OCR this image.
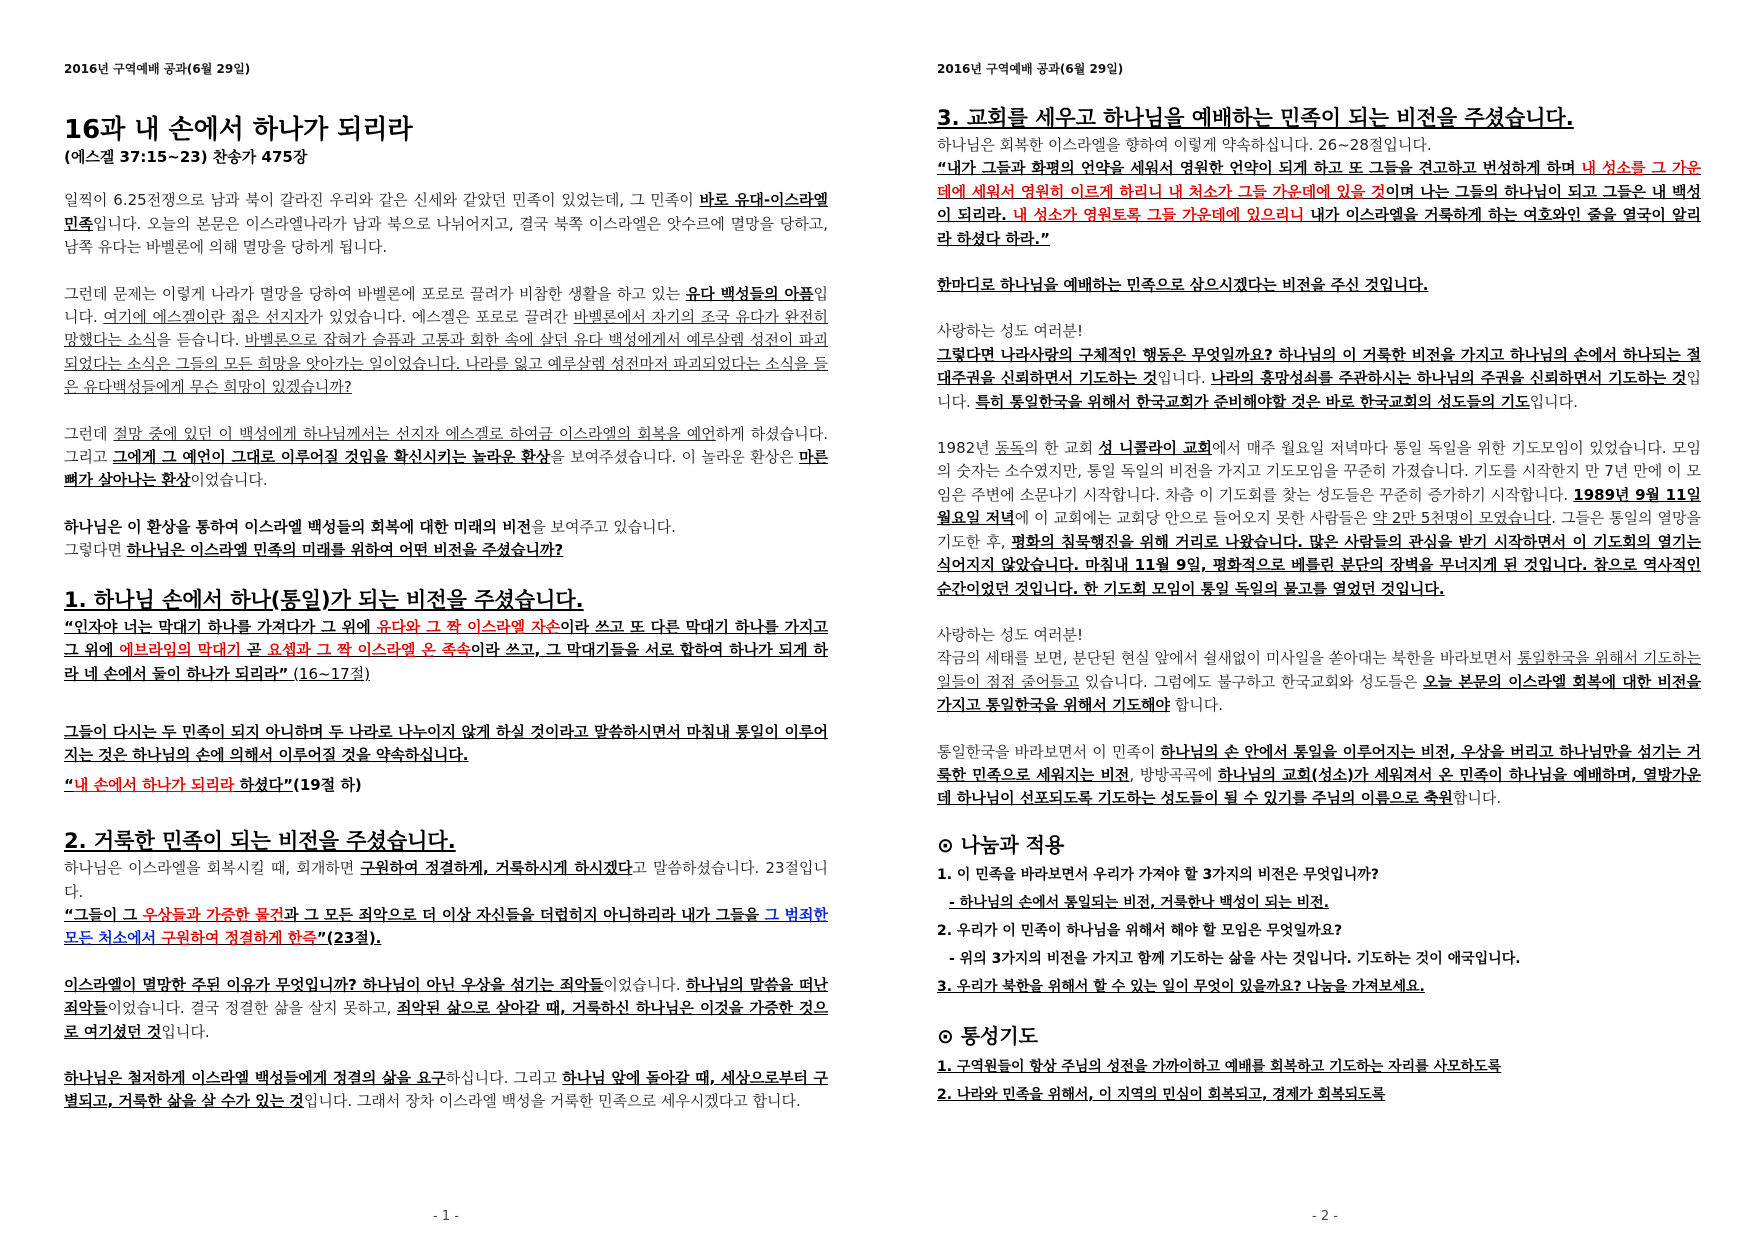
2016년 구역예배 공과(6월 29일)
16과 내 손에서 하나가 되리라
(에스겔 37:15~23) 찬송가 475장

일찍이 6.25전쟁으로 남과 북이 갈라진 우리와 같은 신세와 같았던 민족이 있었는데, 그 민족이 바로 유대-이스라엘 민족입니다. 오늘의 본문은 이스라엘나라가 남과 북으로 나뉘어지고, 결국 북쪽 이스라엘은 앗수르에 멸망을 당하고, 남쪽 유다는 바벨론에 의해 멸망을 당하게 됩니다.

그런데 문제는 이렇게 나라가 멸망을 당하여 바벨론에 포로로 끌려가 비참한 생활을 하고 있는 유다 백성들의 아픔입니다. 여기에 에스겔이란 젊은 선지자가 있었습니다. 에스겔은 포로로 끌려간 바벨론에서 자기의 조국 유다가 완전히 망했다는 소식을 듣습니다. 바벨론으로 잡혀가 슬픔과 고통과 회한 속에 살던 유다 백성에게서 예루살렘 성전이 파괴되었다는 소식은 그들의 모든 희망을 앗아가는 일이었습니다. 나라를 잃고 예루살렘 성전마저 파괴되었다는 소식을 들은 유다백성들에게 무슨 희망이 있겠습니까?

그런데 절망 중에 있던 이 백성에게 하나님께서는 선지자 에스겔로 하여금 이스라엘의 회복을 예언하게 하셨습니다. 그리고 그에게 그 예언이 그대로 이루어질 것임을 확신시키는 놀라운 환상을 보여주셨습니다. 이 놀라운 환상은 마른 뼈가 살아나는 환상이었습니다.

하나님은 이 환상을 통하여 이스라엘 백성들의 회복에 대한 미래의 비전을 보여주고 있습니다.
그렇다면 하나님은 이스라엘 민족의 미래를 위하여 어떤 비전을 주셨습니까?

1. 하나님 손에서 하나(통일)가 되는 비전을 주셨습니다.

“인자야 너는 막대기 하나를 가져다가 그 위에 유다와 그 짝 이스라엘 자손이라 쓰고 또 다른 막대기 하나를 가지고 그 위에 에브라임의 막대기 곧 요셉과 그 짝 이스라엘 온 족속이라 쓰고, 그 막대기들을 서로 합하여 하나가 되게 하라 네 손에서 둘이 하나가 되리라” (16~17절)

그들이 다시는 두 민족이 되지 아니하며 두 나라로 나누이지 않게 하실 것이라고 말씀하시면서 마침내 통일이 이루어지는 것은 하나님의 손에 의해서 이루어질 것을 약속하십니다.

“내 손에서 하나가 되리라 하셨다”(19절 하)

2. 거룩한 민족이 되는 비전을 주셨습니다.

하나님은 이스라엘을 회복시킬 때, 회개하면 구원하여 정결하게, 거룩하시게 하시겠다고 말씀하셨습니다. 23절입니다.

“그들이 그 우상들과 가증한 물건과 그 모든 죄악으로 더 이상 자신들을 더럽히지 아니하리라 내가 그들을 그 범죄한 모든 처소에서 구원하여 정결하게 한즉”(23절).

이스라엘이 멸망한 주된 이유가 무엇입니까? 하나님이 아닌 우상을 섬기는 죄악들이었습니다. 하나님의 말씀을 떠난 죄악들이었습니다. 결국 정결한 삶을 살지 못하고, 죄악된 삶으로 살아갈 때, 거룩하신 하나님은 이것을 가증한 것으로 여기셨던 것입니다.

하나님은 철저하게 이스라엘 백성들에게 정결의 삶을 요구하십니다. 그리고 하나님 앞에 돌아갈 때, 세상으로부터 구별되고, 거룩한 삶을 살 수가 있는 것입니다. 그래서 장차 이스라엘 백성을 거룩한 민족으로 세우시겠다고 합니다.

- 1 -
2016년 구역예배 공과(6월 29일)
3. 교회를 세우고 하나님을 예배하는 민족이 되는 비전을 주셨습니다.

하나님은 회복한 이스라엘을 향하여 이렇게 약속하십니다. 26~28절입니다.

“내가 그들과 화평의 언약을 세워서 영원한 언약이 되게 하고 또 그들을 견고하고 번성하게 하며 내 성소를 그 가운데에 세워서 영원히 이르게 하리니 내 처소가 그들 가운데에 있을 것이며 나는 그들의 하나님이 되고 그들은 내 백성이 되리라. 내 성소가 영원토록 그들 가운데에 있으리니 내가 이스라엘을 거룩하게 하는 여호와인 줄을 열국이 알리라 하셨다 하라.”

한마디로 하나님을 예배하는 민족으로 삼으시겠다는 비전을 주신 것입니다.

사랑하는 성도 여러분!
그렇다면 나라사랑의 구체적인 행동은 무엇일까요? 하나님의 이 거룩한 비전을 가지고 하나님의 손에서 하나되는 절대주권을 신뢰하면서 기도하는 것입니다. 나라의 흥망성쇠를 주관하시는 하나님의 주권을 신뢰하면서 기도하는 것입니다. 특히 통일한국을 위해서 한국교회가 준비해야할 것은 바로 한국교회의 성도들의 기도입니다.

1982년 동독의 한 교회 성 니콜라이 교회에서 매주 월요일 저녁마다 통일 독일을 위한 기도모임이 있었습니다. 모임의 숫자는 소수였지만, 통일 독일의 비전을 가지고 기도모임을 꾸준히 가졌습니다. 기도를 시작한지 만 7년 만에 이 모임은 주변에 소문나기 시작합니다. 차츰 이 기도회를 찾는 성도들은 꾸준히 증가하기 시작합니다. 1989년 9월 11일 월요일 저녁에 이 교회에는 교회당 안으로 들어오지 못한 사람들은 약 2만 5천명이 모였습니다. 그들은 통일의 열망을 기도한 후, 평화의 침묵행진을 위해 거리로 나왔습니다. 많은 사람들의 관심을 받기 시작하면서 이 기도회의 열기는 식어지지 않았습니다. 마침내 11월 9일, 평화적으로 베를린 분단의 장벽을 무너지게 된 것입니다. 참으로 역사적인 순간이었던 것입니다. 한 기도회 모임이 통일 독일의 물고를 열었던 것입니다.

사랑하는 성도 여러분!
작금의 세태를 보면, 분단된 현실 앞에서 쉴새없이 미사일을 쏟아대는 북한을 바라보면서 통일한국을 위해서 기도하는 일들이 점점 줄어들고 있습니다. 그럼에도 불구하고 한국교회와 성도들은 오늘 본문의 이스라엘 회복에 대한 비전을 가지고 통일한국을 위해서 기도해야 합니다.

통일한국을 바라보면서 이 민족이 하나님의 손 안에서 통일을 이루어지는 비전, 우상을 버리고 하나님만을 섬기는 거룩한 민족으로 세워지는 비전, 방방곡곡에 하나님의 교회(성소)가 세워져서 온 민족이 하나님을 예배하며, 열방가운데 하나님이 선포되도록 기도하는 성도들이 될 수 있기를 주님의 이름으로 축원합니다.

⊙ 나눔과 적용
1. 이 민족을 바라보면서 우리가 가져야 할 3가지의 비전은 무엇입니까?
- 하나님의 손에서 통일되는 비전, 거룩한나 백성이 되는 비전.
2. 우리가 이 민족이 하나님을 위해서 해야 할 모임은 무엇일까요?
- 위의 3가지의 비전을 가지고 함께 기도하는 삶을 사는 것입니다. 기도하는 것이 애국입니다.
3. 우리가 북한을 위해서 할 수 있는 일이 무엇이 있을까요? 나눔을 가져보세요.
⊙ 통성기도
1. 구역원들이 항상 주님의 성전을 가까이하고 예배를 회복하고 기도하는 자리를 사모하도록
2. 나라와 민족을 위해서, 이 지역의 민심이 회복되고, 경제가 회복되도록
- 2 -
